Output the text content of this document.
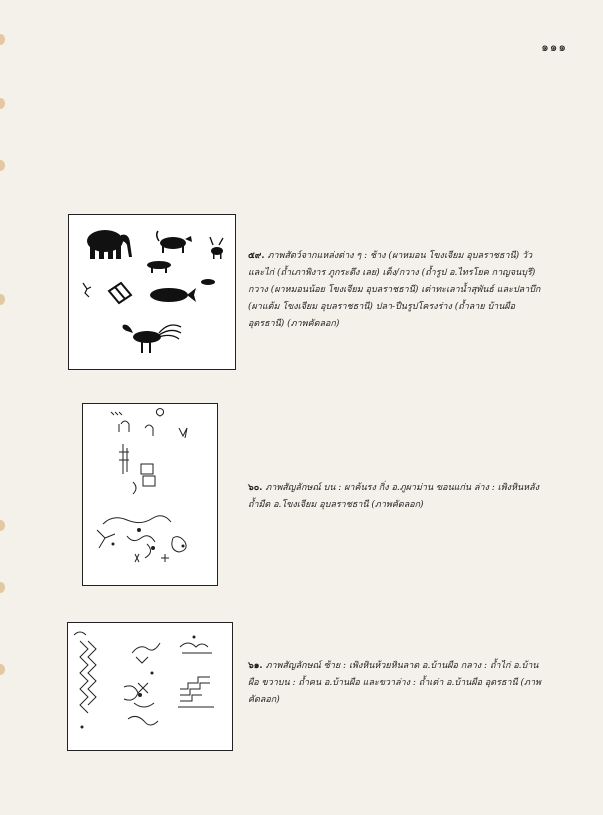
๑๑๑
๕๙. ภาพสัตว์จากแหล่งต่าง ๆ : ช้าง (ผาหมอน โขงเจียม อุบลราชธานี) วัวและไก่ (ถ้ำเภาพิงาร ภูกระดึง เลย) เต็ง/กวาง (ถ้ำรูป อ.ไทรโยค กาญจนบุรี) กวาง (ผาหมอนน้อย โขงเจียม อุบลราชธานี) เต่าทะเลาน้ำสุพันธ์ และปลาบึก (ผาแต้ม โขงเจียม อุบลราชธานี) ปลา-ปืนรูปโครงร่าง (ถ้ำลาย บ้านผือ อุดรธานี) (ภาพคัดลอก)
๖๐. ภาพสัญลักษณ์ บน : ผาค้นรง กิ่ง อ.ภูผาม่าน ขอนแก่น ล่าง : เพิงหินหลังถ้ำมืด อ.โขงเจียม อุบลราชธานี (ภาพคัดลอก)
๖๑. ภาพสัญลักษณ์ ซ้าย : เพิงหินห้วยหินลาด อ.บ้านผือ กลาง : ถ้ำไก่ อ.บ้านผือ ขวาบน : ถ้ำคน อ.บ้านผือ และขวาล่าง : ถ้ำเต่า อ.บ้านผือ อุดรธานี (ภาพคัดลอก)
